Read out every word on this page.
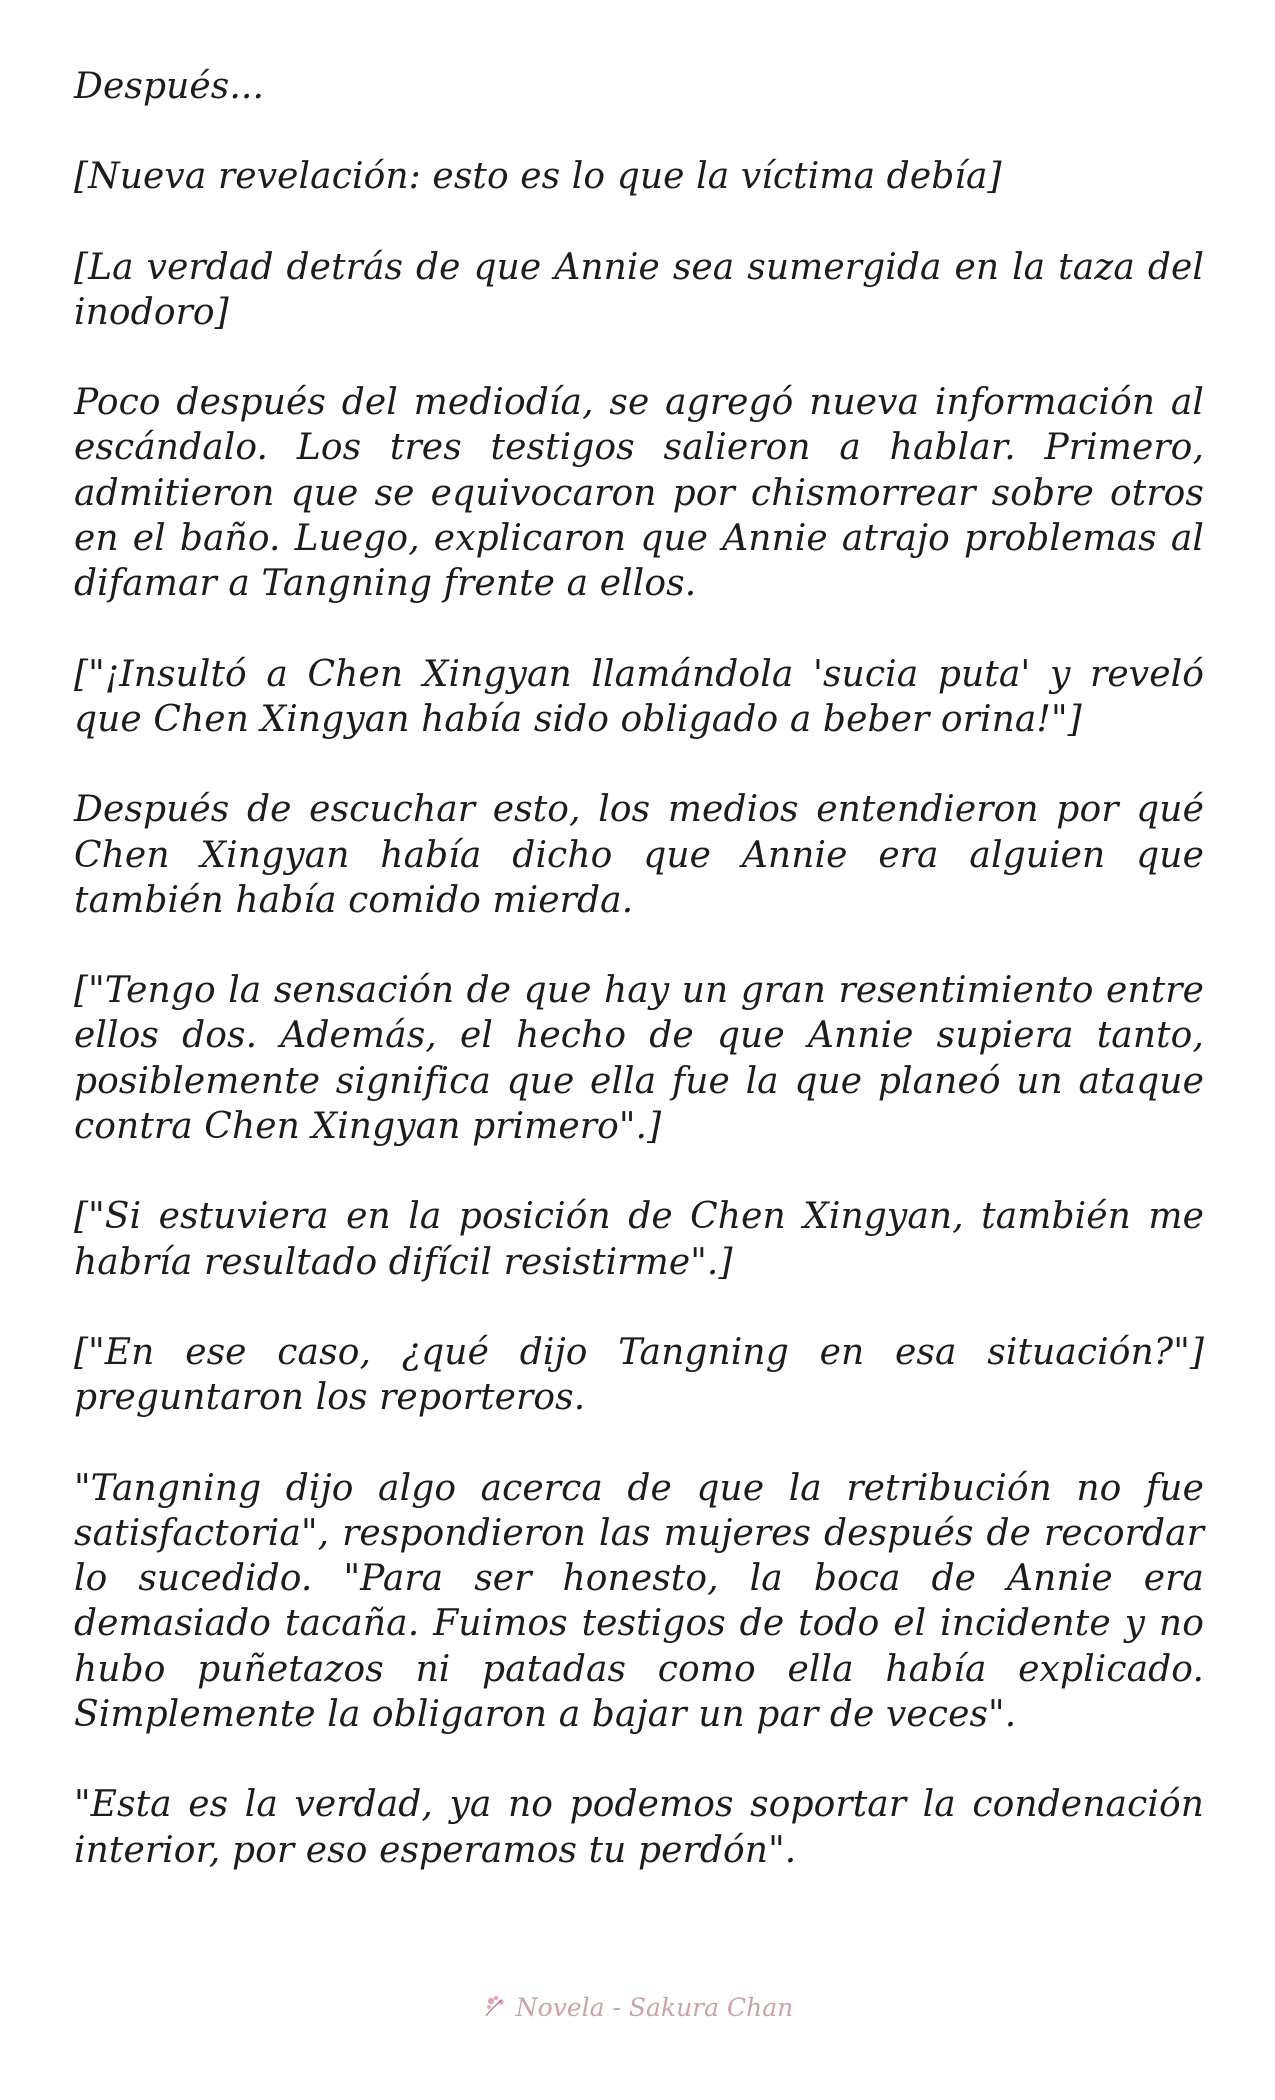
Después...

[Nueva revelación: esto es lo que la víctima debía]

[La verdad detrás de que Annie sea sumergida en la taza del inodoro]

Poco después del mediodía, se agregó nueva información al escándalo. Los tres testigos salieron a hablar. Primero, admitieron que se equivocaron por chismorrear sobre otros en el baño. Luego, explicaron que Annie atrajo problemas al difamar a Tangning frente a ellos.

["¡Insultó a Chen Xingyan llamándola 'sucia puta' y reveló que Chen Xingyan había sido obligado a beber orina!"]

Después de escuchar esto, los medios entendieron por qué Chen Xingyan había dicho que Annie era alguien que también había comido mierda.

["Tengo la sensación de que hay un gran resentimiento entre ellos dos. Además, el hecho de que Annie supiera tanto, posiblemente significa que ella fue la que planeó un ataque contra Chen Xingyan primero".]

["Si estuviera en la posición de Chen Xingyan, también me habría resultado difícil resistirme".]

["En ese caso, ¿qué dijo Tangning en esa situación?"] preguntaron los reporteros.

"Tangning dijo algo acerca de que la retribución no fue satisfactoria", respondieron las mujeres después de recordar lo sucedido. "Para ser honesto, la boca de Annie era demasiado tacaña. Fuimos testigos de todo el incidente y no hubo puñetazos ni patadas como ella había explicado. Simplemente la obligaron a bajar un par de veces".

"Esta es la verdad, ya no podemos soportar la condenación interior, por eso esperamos tu perdón".

Novela - Sakura Chan
